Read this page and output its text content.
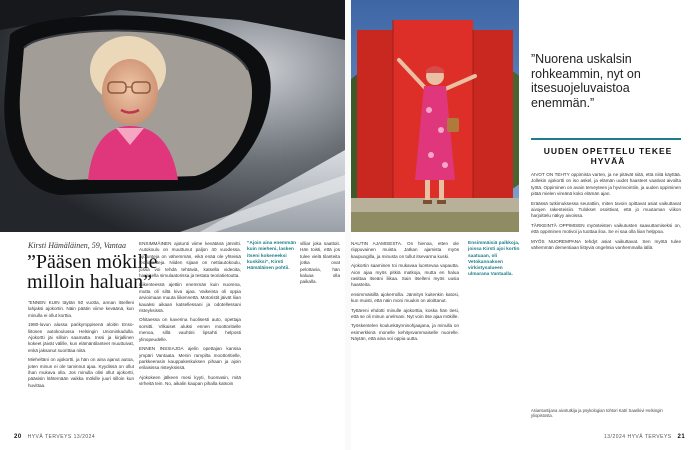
”Nuorena uskalsin rohkeammin, nyt on itsesuojeluvaistoa enemmän.”
UUDEN OPETTELU TEKEE HYVÄÄ
Kirsti Hämäläinen, 59, Vantaa
”Pääsen mökille milloin haluan”

”ENNEN KUIN täytän 60 vuotta, annan itselleni lahjaksi ajokortin. Näin päätin viime keväänä, kun minulla ei ollut korttia.

1980-luvun alussa parikymppisenä aloitin Enso-liitosen autokoulussa Helsingin Unioninkadulla. Ajokortti jäi silloin saamatta. Inssi ja kirjallinen kokeet jäivät välille, kun elämäntilanteet muuttuivat, enkä jaksanut suorittaa niitä.

Mieheltäni on ajokortti, ja hän on aina ajanut autoa, joten minun ei ole tarvinnut ajaa. Kyydissä on ollut ihan mukava olla. Jos minulla olisi ollut ajokortti, pääsisin lähtemään vaikka mökille juuri silloin kun huvittaa.

ENSIMMÄINEN ajotunti viime kevätänä jännitti. Autokoulu on muuttunut paljon 40 vuodessa. Ajotunteja on vähemmän, eikä enää ole yhteisiä teoriatunteja. Niiden sijaan on nettiautokoulu, jossa voi tehdä tehtäviä, katsella videoita, harjoitella simulaatorissa ja testata teoriatietoutta.

Liikenteessä ajettiin enemmän kuin nuorena, mutta oli siltä kiva ajaa. Vaikeinta oli oppia arvioimaan muuta liikennettä. Motoristit jäivät liian kauaksi aikaan katsellessani ja odotellessani risteyksissä.

Ohitaessa on kaverina huolisesti auto, opettaja sorsitti. Vilkaiset aluksi ennen moottoritielle menoa, sillä vauhtini lipsahti helposti ylinopeudelle.

ENNEN INSSIAJOA ajelin opettajan kanssa ympäri Vantaata. Menin rampilta moottoritielle, parkkeerasin kauppakeskuksen pihaan ja ajoin erilaisissa risteyksissä.

Ajokokeen jälkeen mesi kyyti, huomasin, mitä virheitä tein. No, aikalin kaupan pihalla katsoin

”Ajoin aina enemmän kuin mieheni, lasken itseni kokeneeksi kuskiksi”, Kirsti Hämäläinen pohtii.

villiar joka saattoit. Hän toisti, että jos tulee vielä tilanteita jotka ovat pelottavia, hän kaluaa olla paikalla.

NAUTIN AJAMISESTA. On hienoa, etten ole riippuvainen muista. Jatkan ajamista myös kaupungilla, ja minusta on tullut itsevarma kuski.

Ajokortin saaminen toi mukavaa luontevaa vapautta. Aion ajaa myös pitkiä matkoja, mutta en halua rasittaa itseäni liikaa. Sain itselleni myös uusia haasteita.

ensimmäisillä ajokerroilla. Jännitys kuitenkin katosi, kun muisti, että näin moni muukin on aloittanut.

Tyttäreni ehdotti minulle ajokorttia, koska hän tiesi, että se oli minun unelmani. Nyt voin itse ajaa mökille.

Työskentelen koulunkäynninohjaajana, ja minulla on esimerkkinä monelle kehitysvammaiselle nuorelle. Näytän, että aina voi oppia uutta.

Ensimmäisiä palkkoja, joissa Kirsti ajoi kortin saatuaan, oli Vetokannaksen virkistysalueen ulmarana Vantaalla.

AIVOT ON TEHTY oppimista varten, ja ne pitävät siitä, että niitä käyttää. Jollekin ajokortti on iso askel, ja elämän uudet haasteet vaativat aivoilta työtä. Oppiminen on avain terveyteen ja hyvinvointiin, ja uuden oppiminen pitää mielen vireänä koko elämän ajan.

Eräässä tutkimuksessa seurattiin, miten tavoin opittavat asiat vaikuttavat aivojen rakenteisiin. Tulokset osoittivat, että jo muutaman viikon harjoittelu näkyy aivoissa.

TÄRKEINTÄ OPPIMISEN myönteisten vaikutusten saavuttamiseksi on, että oppiminen motivoi ja tuottaa iloa. Se ei saa olla liian helppoa.

MYÖS NUOREMPANA tehdyt asiat vaikuttavat. Sen myötä tulee vähemmän dementiaan liittyviä ongelmia vanhemmalla iällä.

Asiantuntijana aivotutkija ja psykologian tohtori Katri Saarikivi Helsingin yliopistosta.
20 HYVÄ TERVEYS 13/2024	13/2024 HYVÄ TERVEYS 21
